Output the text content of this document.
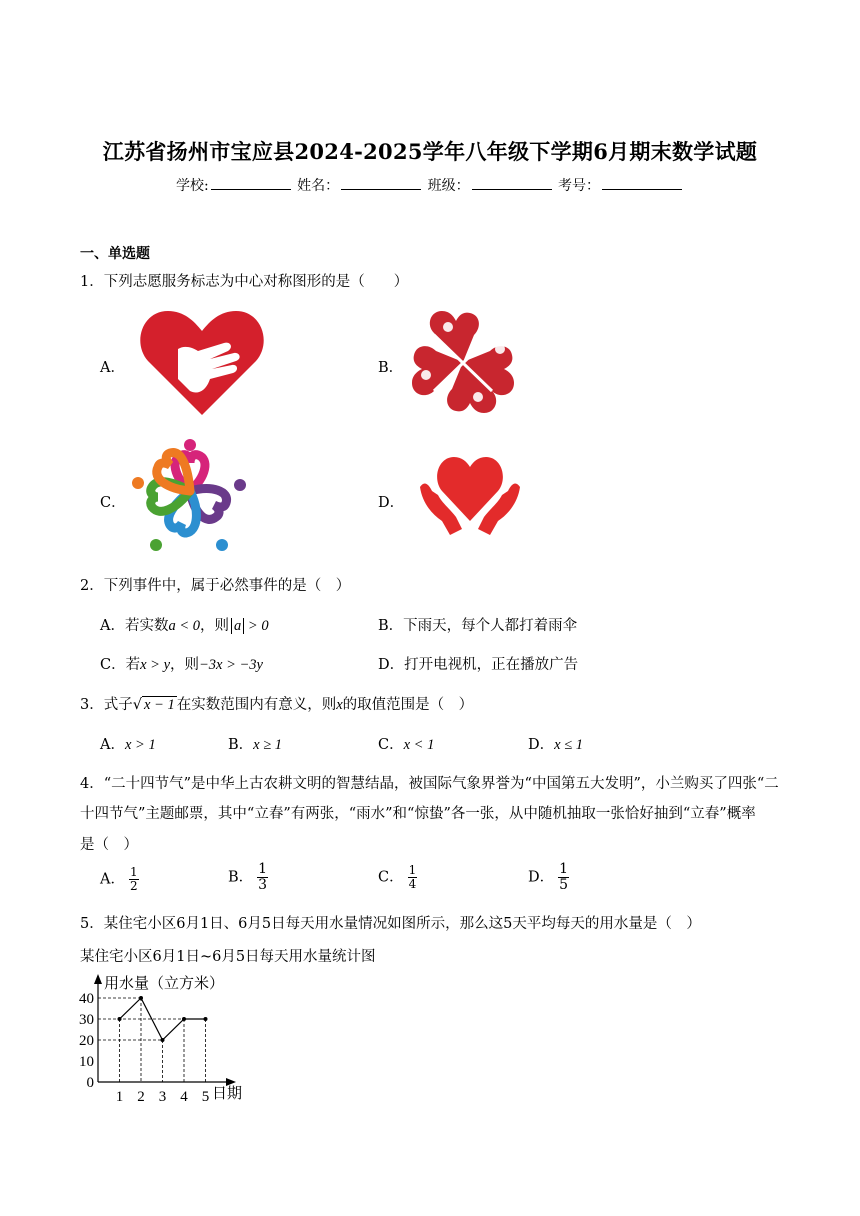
江苏省扬州市宝应县2024-2025学年八年级下学期6月期末数学试题
学校:	姓名：	班级：	考号：
一、单选题
1．下列志愿服务标志为中心对称图形的是（　　）
A．	B．
C．	D．
2．下列事件中，属于必然事件的是（　）
A．若实数a < 0，则 a > 0	B．下雨天，每个人都打着雨伞
C．若x > y，则−3x > −3y	D．打开电视机，正在播放广告
3．式子√ x − 1 在实数范围内有意义，则x的取值范围是（　）
A．x > 1	B．x ≥ 1	C．x < 1	D．x ≤ 1
4．“二十四节气”是中华上古农耕文明的智慧结晶，被国际气象界誉为“中国第五大发明”，小兰购买了四张“二
十四节气”主题邮票，其中“立春”有两张，“雨水”和“惊蛰”各一张，从中随机抽取一张恰好抽到“立春”概率
是（　）
A． $\frac{1}{2}$	B． $\frac{1}{3}$	C． $\frac{1}{4}$	D． $\frac{1}{5}$
5．某住宅小区6月1日、6月5日每天用水量情况如图所示，那么这5天平均每天的用水量是（　）
某住宅小区6月1日~6月5日每天用水量统计图
0
10
20
30
40
1 2 3 4 5
用水量（立方米）
日期
